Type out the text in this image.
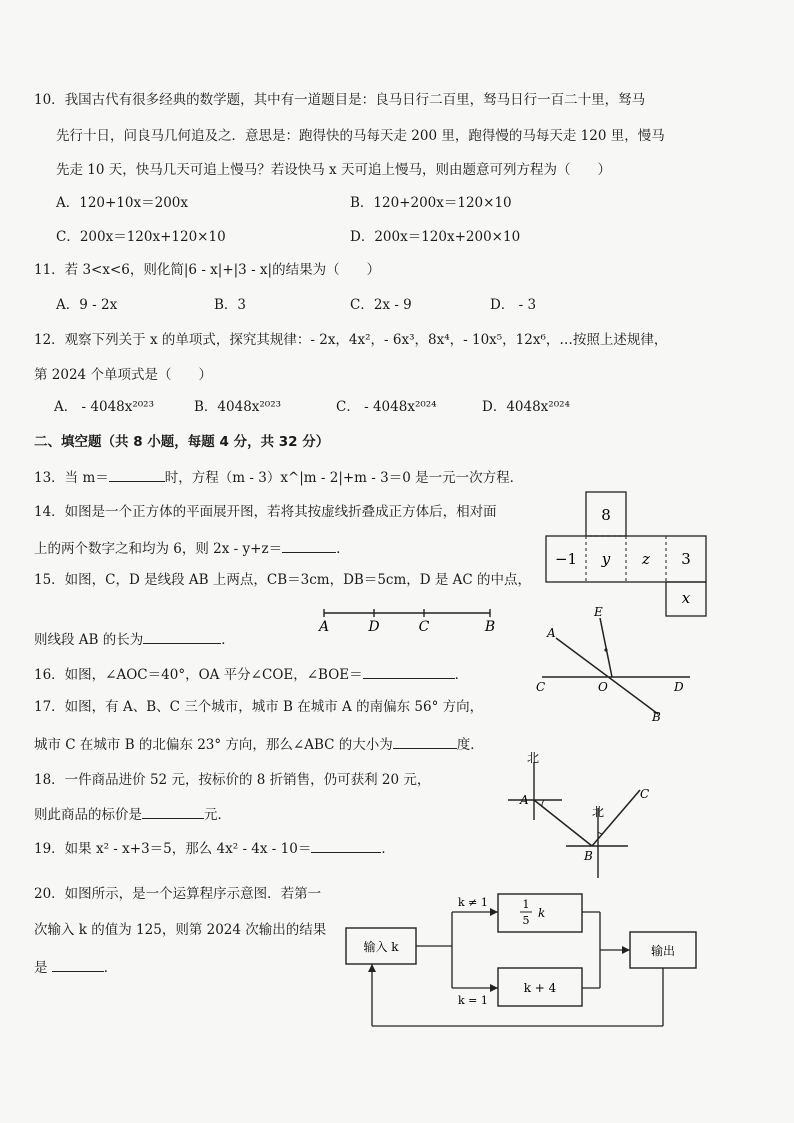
10．我国古代有很多经典的数学题，其中有一道题目是：良马日行二百里，驽马日行一百二十里，驽马
先行十日，问良马几何追及之．意思是：跑得快的马每天走 200 里，跑得慢的马每天走 120 里，慢马
先走 10 天，快马几天可追上慢马？若设快马 x 天可追上慢马，则由题意可列方程为（　　）
A．120+10x＝200x	B．120+200x＝120×10
C．200x＝120x+120×10	D．200x＝120x+200×10
11．若 3<x<6，则化简|6 - x|+|3 - x|的结果为（　　）
A．9 - 2x	B．3	C．2x - 9	D． - 3
12．观察下列关于 x 的单项式，探究其规律：- 2x，4x²，- 6x³，8x⁴，- 10x⁵，12x⁶，…按照上述规律，
第 2024 个单项式是（　　）
A． - 4048x²⁰²³	B．4048x²⁰²³	C． - 4048x²⁰²⁴	D．4048x²⁰²⁴
二、填空题（共 8 小题，每题 4 分，共 32 分）
13．当 m＝	时，方程（m - 3）x^|m - 2|+m - 3＝0 是一元一次方程．
14．如图是一个正方体的平面展开图，若将其按虚线折叠成正方体后，相对面
上的两个数字之和均为 6，则 2x - y+z＝	．
8
−1 y z 3
x
15．如图，C，D 是线段 AB 上两点，CB＝3cm，DB＝5cm，D 是 AC 的中点，
A	D	C	B
则线段 AB 的长为	．
16．如图，∠AOC＝40°，OA 平分∠COE，∠BOE＝	．
E
A
C	O	D
B
17．如图，有 A、B、C 三个城市，城市 B 在城市 A 的南偏东 56° 方向，
城市 C 在城市 B 的北偏东 23° 方向，那么∠ABC 的大小为	度．
北
A
北
C
B
18．一件商品进价 52 元，按标价的 8 折销售，仍可获利 20 元，
则此商品的标价是	元．
19．如果 x² - x+3＝5，那么 4x² - 4x - 10＝	．
20．如图所示，是一个运算程序示意图．若第一
次输入 k 的值为 125，则第 2024 次输出的结果
是	．
输入 k
k ≠ 1
k = 1
1
5
k
k + 4
输出
